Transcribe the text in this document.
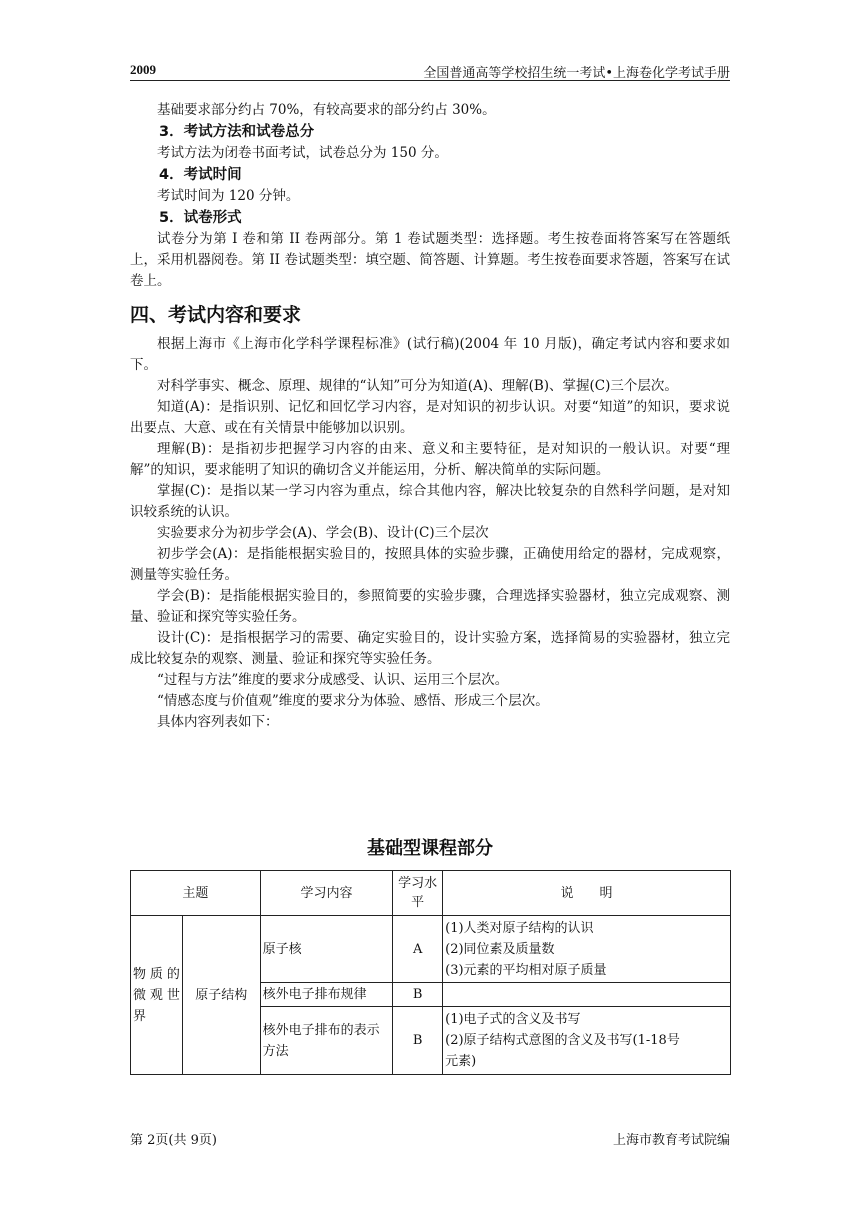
2009	全国普通高等学校招生统一考试•上海卷化学考试手册

基础要求部分约占 70%，有较高要求的部分约占 30%。

3．考试方法和试卷总分

考试方法为闭卷书面考试，试卷总分为 150 分。

4．考试时间

考试时间为 120 分钟。

5．试卷形式

试卷分为第 I 卷和第 II 卷两部分。第 1 卷试题类型：选择题。考生按卷面将答案写在答题纸上，采用机器阅卷。第 II 卷试题类型：填空题、简答题、计算题。考生按卷面要求答题，答案写在试卷上。

四、考试内容和要求

根据上海市《上海市化学科学课程标准》(试行稿)(2004 年 10 月版)，确定考试内容和要求如下。

对科学事实、概念、原理、规律的“认知”可分为知道(A)、理解(B)、掌握(C)三个层次。

知道(A)：是指识别、记忆和回忆学习内容，是对知识的初步认识。对要“知道”的知识，要求说出要点、大意、或在有关情景中能够加以识别。

理解(B)：是指初步把握学习内容的由来、意义和主要特征，是对知识的一般认识。对要“理解”的知识，要求能明了知识的确切含义并能运用，分析、解决简单的实际问题。

掌握(C)：是指以某一学习内容为重点，综合其他内容，解决比较复杂的自然科学问题，是对知识较系统的认识。

实验要求分为初步学会(A)、学会(B)、设计(C)三个层次

初步学会(A)：是指能根据实验目的，按照具体的实验步骤，正确使用给定的器材，完成观察，测量等实验任务。

学会(B)：是指能根据实验目的，参照简要的实验步骤，合理选择实验器材，独立完成观察、测量、验证和探究等实验任务。

设计(C)：是指根据学习的需要、确定实验目的，设计实验方案，选择简易的实验器材，独立完成比较复杂的观察、测量、验证和探究等实验任务。

“过程与方法”维度的要求分成感受、认识、运用三个层次。

“情感态度与价值观”维度的要求分为体验、感悟、形成三个层次。

具体内容列表如下：

基础型课程部分
主题		学习内容	学习水平	说　　明
物质的微观世界	原子结构	原子核	A	(1)人类对原子结构的认识
(2)同位素及质量数
(3)元素的平均相对原子质量

		核外电子排布规律	B	
		核外电子排布的表示方法	B	(1)电子式的含义及书写
(2)原子结构式意图的含义及书写(1-18号
元素)
第 2页(共 9页)	上海市教育考试院编
